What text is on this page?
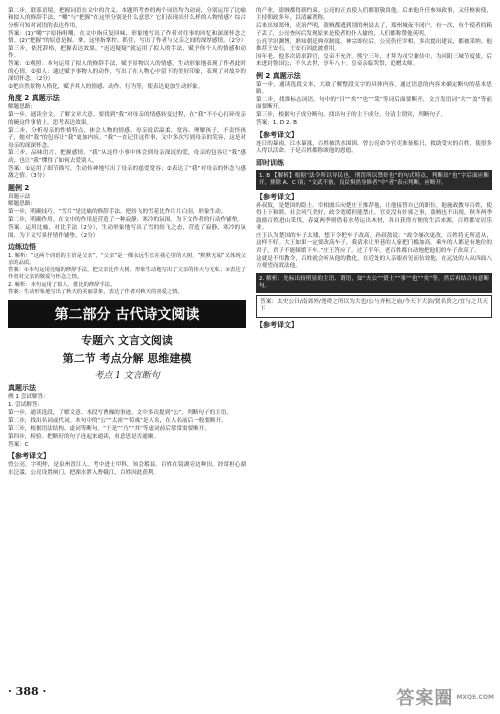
第二步，联系语境，把握词语在文中的含义。本题所考查的两个词语均为动词，分别运用了比喻和拟人的修辞手法，“嚼”与“把握”在这里分别是什么意思？它们表现出什么样的人物情感？综合分析可知对词语的表达作用。

答案：(1)“嚼”字原指咀嚼，在文中指反复回味，形象地写出了作者对往事的回忆和深深怀念之情。(2)“把握”的原意是握、拿，这里指掌控、抓住，写出了作者与父亲之间的深厚感情。（2分）

第三步，依托辞格，把握表达效果。“迟迟疑疑”就运用了拟人的手法，赋予你个人的情感和动作。

答案：①观照：本句运用了拟人的修辞手法，赋予景物以人的情感，生动形象地表现了作者此时的心情。②拟人：通过赋予事物人的动作，写出了在人物心中留下的美好印象，表现了对故乡的深切怀念。（2分）

②把自然景物人格化，赋予其人的情感、动作、行为等，使表达更加生动形象。

角度 2 真题示法

解题思路：

第一步，通读全文，了解文章大意。要找到“我”对母亲的情感转变过程，在“我”不小心打碎母亲的碗这件事情上，思考表达效果。

第二步，分析母亲的性格特点，体会人物的情感。母亲说话温柔、宽容、理解孩子，不责怪孩子，她对“我”的包容让“我”更加内疚。“我”一直记住这件事，文中多次写到母亲的笑容，这是对母亲的深深怀念。

第三步，品味语言，把握感情。“我”从这件小事中体会到母亲深沉的爱，母亲的包容让“我”感动，也让“我”懂得了如何去爱别人。

答案：①运用了细节描写，生动传神地写出了母亲的慈爱宽容；②表达了“我”对母亲的怀念与感激之情。（3分）

题例 2

真题示法

解题思路：

第一步，明确技巧。“雪片”是比喻的修辞手法，把纷飞的雪花比作片片白羽，形象生动。

第二步，明确作用。在文中的作用是营造了一种寂静、寒冷的氛围，为下文作者的行动作铺垫。

答案：运用比喻，对比手法（2分），生动形象地写出了雪的纷飞之态，营造了寂静、寒冷的氛围，为下文写景抒情作铺垫。（2分）

边练边悟

1. 解析：“这两个词语的主语是父亲”，“父亲”是一棵永远生长在我心里的大树，“默默无闻”又体现父亲的品质。

答案：①本句运用比喻的修辞手法，把父亲比作大树，形象生动地写出了父亲的伟大与无私；②表达了作者对父亲的敬爱与怀念之情。

2. 解析：本句运用了拟人、排比的修辞手法。

答案：生动形象地写出了秋天的美丽景象，表达了作者对秋天的喜爱之情。

第二部分 古代诗文阅读
专题六 文言文阅读
第二节 考点分解 思维建模
考点 1 文言断句
真题示法

例 1 尝试解答：

1. 尝试解答：

第一步，通读选段，了解文意。本段写曹操的事迹，文中多次提到“公”，判断句子的主语。

第二步，找出名词或代词。本句中的“公”“太祖”“荀彧”是人名，在人名前后一般要断开。

第三步，根据语法结构、虚词等断句。“于是”“乃”“其”等虚词前后常常需要断开。

第四步，检验。把断好的句子连起来通读，看意思是否通顺。

答案：C

【参考译文】

曾公亮，字明仲，是泉州晋江人。考中进士甲科，知会稽县。百姓在镜湖旁边种田，经常担心湖水泛滥，公亮设置闸门，把湖水泄入曹娥江，百姓因此获利。

的产业，盗贼都得到约束。公亮的正直使人们都很敬畏他。后来他升任参知政事，又任枢密使，主持朝政多年，以清廉著称。

后来出知郑州，吏治严明，盗贼都逃到别的州县去了，郑州城夜不闭户。有一次，有个使者的箱子丢了，公亮查问后发现原来是使者的仆人偷的，人们都称赞他英明。

公亮学识渊博，熟知朝廷典章制度。神宗即位后，公亮仍任宰相，多次提出建议，都被采纳。他推荐王安石，王安石因此被重用。

因年老，他多次请求辞官，皇帝不允许。熙宁三年，才拜为司空兼侍中，为河阳三城节度使。后来进封鲁国公，不久去世，享年八十。皇帝亲临哭祭，追赠太师。

例 2 真题示法

第一步，通读选段文本，大致了解整段文字的具体内容，通过语意的内容来确定断句的基本思路。

第二步，找准标志词语。句中的“曰”“矣”“也”“哉”等词后面要断开，文言发语词“夫”“盖”等前面要断开。

第三步，根据句子成分断句。找出句子的主干成分，分清主谓宾，判断句子。

答案：1. D 2. B

【参考译文】

连日的暴雨，江水暴涨，百姓被洪水围困。曾公亮命令官吏准备船只，救助受灾的百姓，使很多人得以活命。于是百姓都称颂他的恩德。

即时训练
1. B 【解析】根据“法令所以导民也，刑罚所以禁奸也”的句式特点，判断出“也”字后面应断开，排除 A、C 项；“文武不备，良民惧然身修者”中“者”表示判断，应断开。
【参考译文】

孙叔敖，是楚国的隐士。宰相虞丘向楚庄王推荐他，让他接替自己的职位。他施政教导百姓，使得上下和睦，社会风气美好，政令宽缓但能禁止，官吏没有奸邪之事，盗贼也不出现。秋冬两季鼓励百姓进山采伐，春夏两季则借着水势运出木材，各自获得方便的生活来源，百姓都安居乐业。

庄王认为楚国的车子太矮，想下令把车子改高。孙叔敖说：“政令屡次更改，百姓将无所适从，这样不好。大王如果一定要改高车子，我请求让里巷的人家把门槛加高。乘车的人都是有地位的君子，君子不能频繁下车。”庄王答应了。过了半年，老百姓都自动地把他们的车子改高了。

这就是不用教令，百姓就会听从他的教化，在近处的人亲眼看见而仿效他，在远处的人从四面八方观望而效法他。

2. 解析：先标出较明显的主语、谓语，如“夫公”“贤士”“事”“也”“矣”等，然后再结合句意断句。

答案：太史公曰/南郊外/尧舜之所以为大也/公与齐桓之庙/今天下大治/贤名贵之/宜与之共天下

【参考译文】
· 388 ·	答案圈 MXQE.COM
